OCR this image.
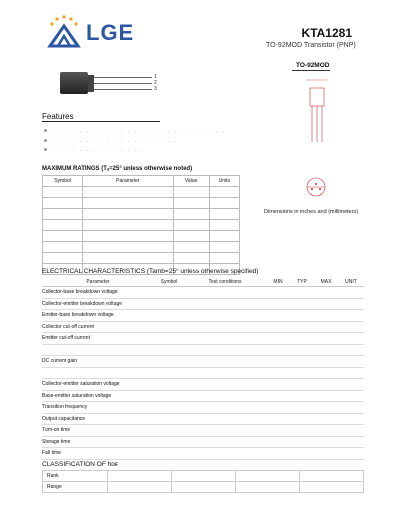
LGE	KTA1281
TO-92MOD Transistor (PNP)
1
2
3
TO-92MOD
Dimensions in inches and (millimeters)
Features
. . . . . . . . . . . . . . . . . . . . . . . . . .
. . . . . . . . . . . . . . . . . . .
. . . . . . . . . . . . . .
MAXIMUM RATINGS (Tₐ=25° unless otherwise noted)
Symbol	Parameter	Value	Units

ELECTRICAL CHARACTERISTICS (Tamb=25° unless otherwise specified)
Parameter	Symbol	Test conditions	MIN	TYP	MAX	UNIT
Collector-base breakdown voltage						
Collector-emitter breakdown voltage						
Emitter-base breakdown voltage						
Collector cut-off current						
Emitter cut-off current						

DC current gain						

Collector-emitter saturation voltage						
Base-emitter saturation voltage						
Transition frequency						
Output capacitance						
Turn-on time						
Storage time						
Fall time						
CLASSIFICATION OF hᴅᴇ
Rank				
Range				
